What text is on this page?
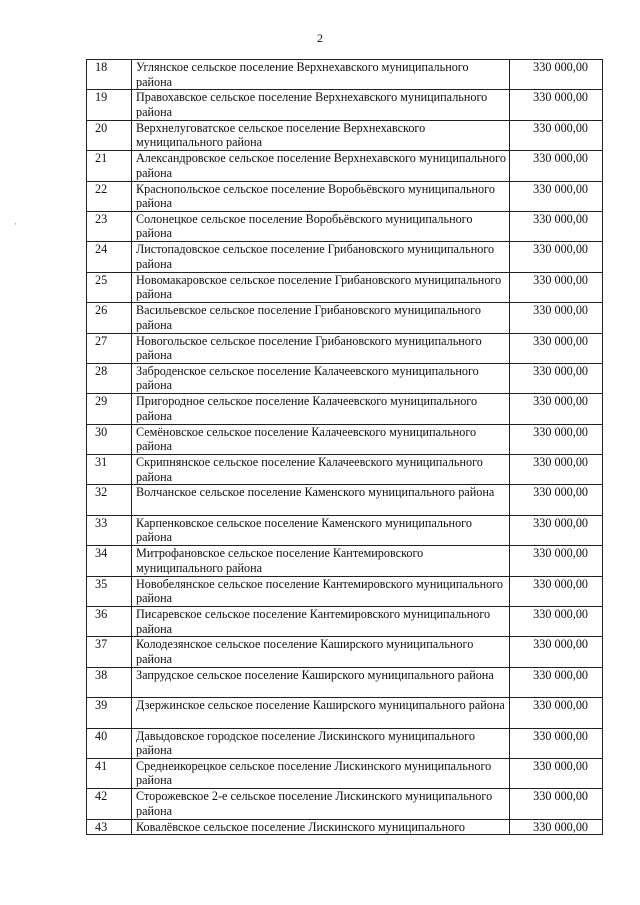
2
·
18	Углянское сельское поселение Верхнехавского муниципального района	330 000,00
19	Правохавское сельское поселение Верхнехавского муниципального района	330 000,00
20	Верхнелуговатское сельское поселение Верхнехавского муниципального района	330 000,00
21	Александровское сельское поселение Верхнехавского муниципального района	330 000,00
22	Краснопольское сельское поселение Воробьёвского муниципального района	330 000,00
23	Солонецкое сельское поселение Воробьёвского муниципального района	330 000,00
24	Листопадовское сельское поселение Грибановского муниципального района	330 000,00
25	Новомакаровское сельское поселение Грибановского муниципального района	330 000,00
26	Васильевское сельское поселение Грибановского муниципального района	330 000,00
27	Новогольское сельское поселение Грибановского муниципального района	330 000,00
28	Заброденское сельское поселение Калачеевского муниципального района	330 000,00
29	Пригородное сельское поселение Калачеевского муниципального района	330 000,00
30	Семёновское сельское поселение Калачеевского муниципального района	330 000,00
31	Скрипнянское сельское поселение Калачеевского муниципального района	330 000,00
32	Волчанское сельское поселение Каменского муниципального района	330 000,00
33	Карпенковское сельское поселение Каменского муниципального района	330 000,00
34	Митрофановское сельское поселение Кантемировского муниципального района	330 000,00
35	Новобелянское сельское поселение Кантемировского муниципального района	330 000,00
36	Писаревское сельское поселение Кантемировского муниципального района	330 000,00
37	Колодезянское сельское поселение Каширского муниципального района	330 000,00
38	Запрудское сельское поселение Каширского муниципального района	330 000,00
39	Дзержинское сельское поселение Каширского муниципального района	330 000,00
40	Давыдовское городское поселение Лискинского муниципального района	330 000,00
41	Среднеикорецкое сельское поселение Лискинского муниципального района	330 000,00
42	Сторожевское 2-е сельское поселение Лискинского муниципального района	330 000,00
43	Ковалёвское сельское поселение Лискинского муниципального	330 000,00
